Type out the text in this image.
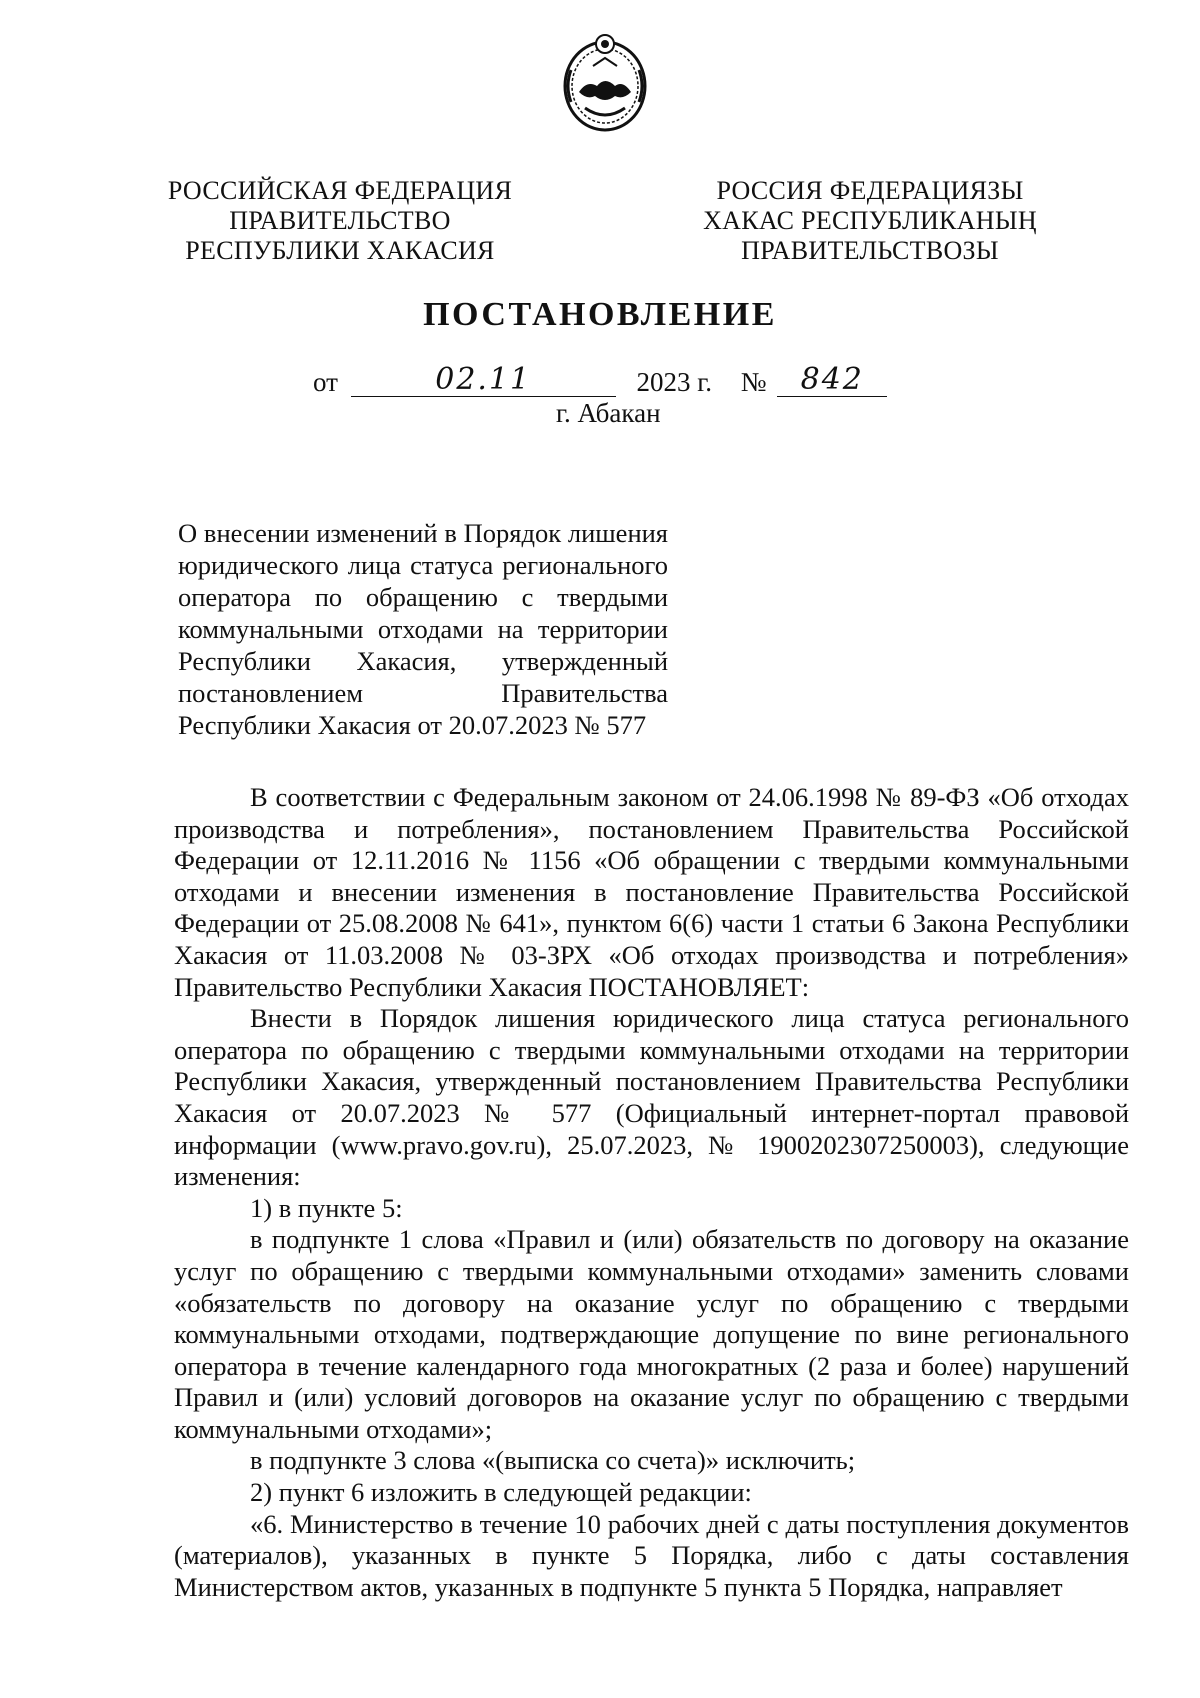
РОССИЙСКАЯ ФЕДЕРАЦИЯ
ПРАВИТЕЛЬСТВО
РЕСПУБЛИКИ ХАКАСИЯ
РОССИЯ ФЕДЕРАЦИЯЗЫ
ХАКАС РЕСПУБЛИКАНЫҢ
ПРАВИТЕЛЬСТВОЗЫ
ПОСТАНОВЛЕНИЕ
от	02.11	2023 г. № 842
г. Абакан
О внесении изменений в Порядок лишения
юридического лица статуса регионального
оператора по обращению с твердыми
коммунальными отходами на территории
Республики Хакасия, утвержденный
постановлением Правительства
Республики Хакасия от 20.07.2023 № 577

В соответствии с Федеральным законом от 24.06.1998 № 89-ФЗ «Об отходах производства и потребления», постановлением Правительства Российской Федерации от 12.11.2016 № 1156 «Об обращении с твердыми коммунальными отходами и внесении изменения в постановление Правительства Российской Федерации от 25.08.2008 № 641», пунктом 6(6) части 1 статьи 6 Закона Республики Хакасия от 11.03.2008 № 03-ЗРХ «Об отходах производства и потребления» Правительство Республики Хакасия ПОСТАНОВЛЯЕТ:

Внести в Порядок лишения юридического лица статуса регионального оператора по обращению с твердыми коммунальными отходами на территории Республики Хакасия, утвержденный постановлением Правительства Республики Хакасия от 20.07.2023 № 577 (Официальный интернет-портал правовой информации (www.pravo.gov.ru), 25.07.2023, № 1900202307250003), следующие изменения:

1) в пункте 5:

в подпункте 1 слова «Правил и (или) обязательств по договору на оказание услуг по обращению с твердыми коммунальными отходами» заменить словами «обязательств по договору на оказание услуг по обращению с твердыми коммунальными отходами, подтверждающие допущение по вине регионального оператора в течение календарного года многократных (2 раза и более) нарушений Правил и (или) условий договоров на оказание услуг по обращению с твердыми коммунальными отходами»;

в подпункте 3 слова «(выписка со счета)» исключить;

2) пункт 6 изложить в следующей редакции:

«6. Министерство в течение 10 рабочих дней с даты поступления документов (материалов), указанных в пункте 5 Порядка, либо с даты составления Министерством актов, указанных в подпункте 5 пункта 5 Порядка, направляет
